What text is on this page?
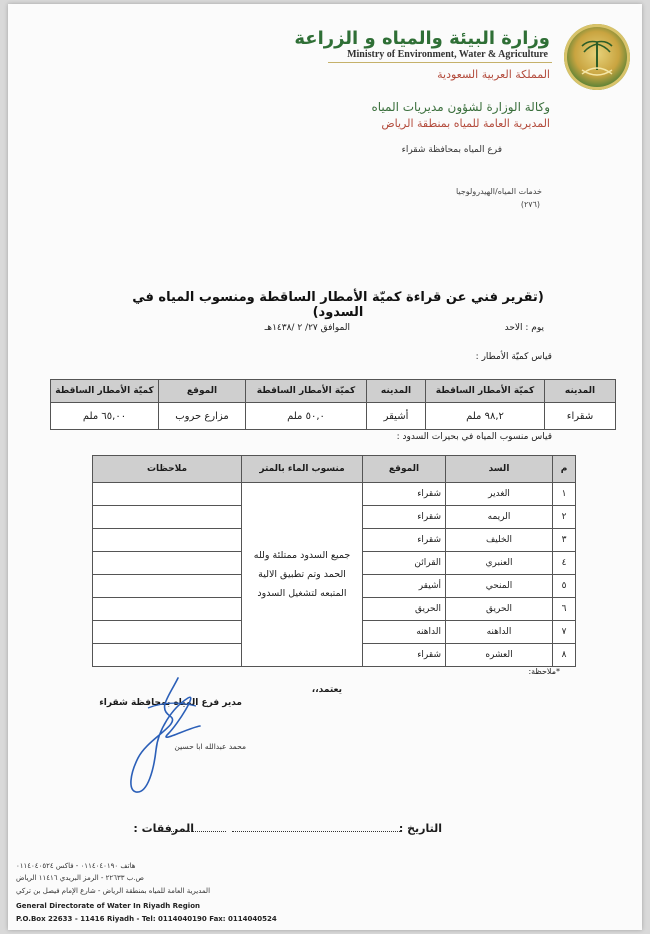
وزارة البيئة والمياه و الزراعة
Ministry of Environment, Water & Agriculture
المملكة العربية السعودية
وكالة الوزارة لشؤون مديريات المياه
المديرية العامة للمياه بمنطقة الرياض
فرع المياه بمحافظة شقراء
خدمات المياه/الهيدرولوجيا
(٢٧٦)
(تقرير فني عن قراءة كميّة الأمطار الساقطة ومنسوب المياه في السدود)
يوم : الاحد
الموافق ٢٧/ ٢ /١٤٣٨هـ
قياس كميّة الأمطار :
المدينه	كميّة الأمطار الساقطة	المدينه	كميّة الأمطار الساقطة	الموقع	كميّة الأمطار الساقطة
شقراء	٩٨,٢ ملم	أشيقر	٥٠,٠ ملم	مزارع حروب	٦٥,٠٠ ملم
قياس منسوب المياه في بحيرات السدود :
م	السد	الموقع	منسوب الماء بالمتر	ملاحظات
١	الغدير	شقراء	جميع السدود ممتلئة ولله الحمد وتم تطبيق الالية المتبعه لتشغيل السدود	
٢	الريمه	شقراء		
٣	الخليف	شقراء		
٤	العنبري	القرائن		
٥	المنحي	أشيقر		
٦	الحريق	الحريق		
٧	الداهنه	الداهنه		
٨	العشره	شقراء		
*ملاحظة:
يعتمد،،
مدير فرع المياه بمحافظة شقراء
محمد عبدالله ابا حسين
التاريخ :
المرفقات :
هاتف ٠١١٤٠٤٠١٩٠ - فاكس ٠١١٤٠٤٠٥٢٤
ص.ب ٢٢٦٣٣ - الرمز البريدي ١١٤١٦ الرياض
المديرية العامة للمياه بمنطقة الرياض - شارع الإمام فيصل بن تركي
General Directorate of Water In Riyadh Region
P.O.Box 22633 - 11416 Riyadh - Tel: 0114040190 Fax: 0114040524
